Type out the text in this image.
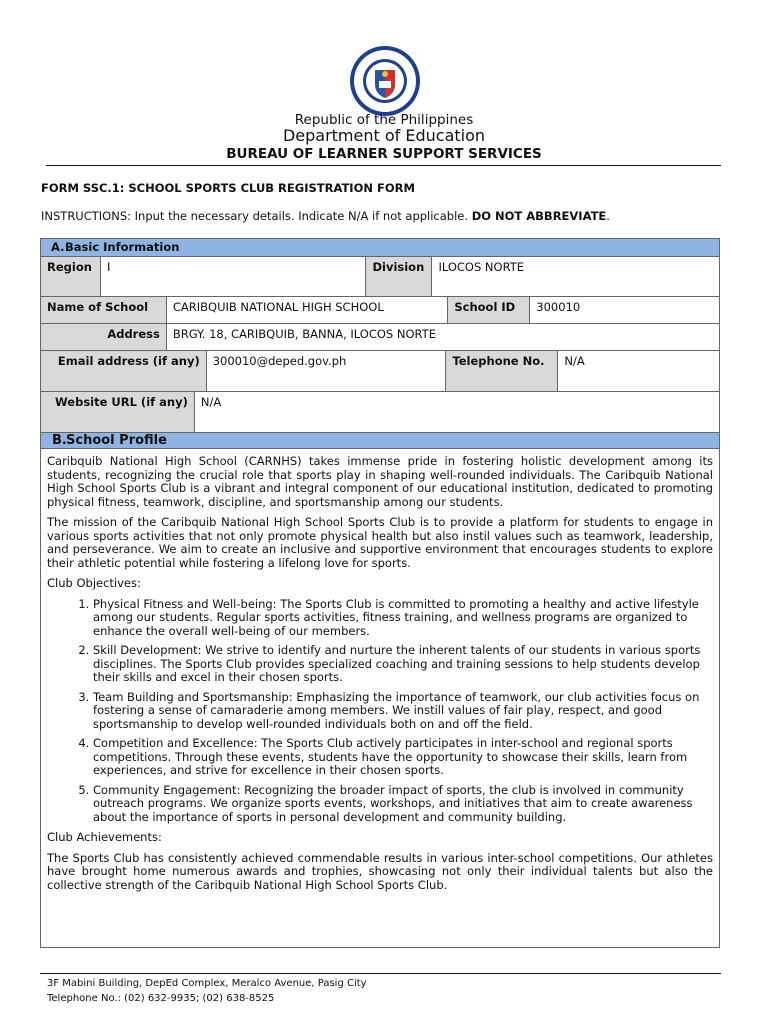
Republic of the Philippines
Department of Education
BUREAU OF LEARNER SUPPORT SERVICES
FORM SSC.1: SCHOOL SPORTS CLUB REGISTRATION FORM
INSTRUCTIONS: Input the necessary details. Indicate N/A if not applicable. DO NOT ABBREVIATE.
A.Basic Information
Region	I	Division	ILOCOS NORTE
Name of School	CARIBQUIB NATIONAL HIGH SCHOOL	School ID	300010
Address	BRGY. 18, CARIBQUIB, BANNA, ILOCOS NORTE		
Email address (if any)	300010@deped.gov.ph	Telephone No.	N/A
Website URL (if any)	N/A
B.School Profile

Caribquib National High School (CARNHS) takes immense pride in fostering holistic development among its students, recognizing the crucial role that sports play in shaping well-rounded individuals. The Caribquib National High School Sports Club is a vibrant and integral component of our educational institution, dedicated to promoting physical fitness, teamwork, discipline, and sportsmanship among our students.

The mission of the Caribquib National High School Sports Club is to provide a platform for students to engage in various sports activities that not only promote physical health but also instil values such as teamwork, leadership, and perseverance. We aim to create an inclusive and supportive environment that encourages students to explore their athletic potential while fostering a lifelong love for sports.

Club Objectives:

1. Physical Fitness and Well-being: The Sports Club is committed to promoting a healthy and active lifestyle among our students. Regular sports activities, fitness training, and wellness programs are organized to enhance the overall well-being of our members.
2. Skill Development: We strive to identify and nurture the inherent talents of our students in various sports disciplines. The Sports Club provides specialized coaching and training sessions to help students develop their skills and excel in their chosen sports.
3. Team Building and Sportsmanship: Emphasizing the importance of teamwork, our club activities focus on fostering a sense of camaraderie among members. We instill values of fair play, respect, and good sportsmanship to develop well-rounded individuals both on and off the field.
4. Competition and Excellence: The Sports Club actively participates in inter-school and regional sports competitions. Through these events, students have the opportunity to showcase their skills, learn from experiences, and strive for excellence in their chosen sports.
5. Community Engagement: Recognizing the broader impact of sports, the club is involved in community outreach programs. We organize sports events, workshops, and initiatives that aim to create awareness about the importance of sports in personal development and community building.

Club Achievements:

The Sports Club has consistently achieved commendable results in various inter-school competitions. Our athletes have brought home numerous awards and trophies, showcasing not only their individual talents but also the collective strength of the Caribquib National High School Sports Club.

3F Mabini Building, DepEd Complex, Meralco Avenue, Pasig City
Telephone No.: (02) 632-9935; (02) 638-8525
